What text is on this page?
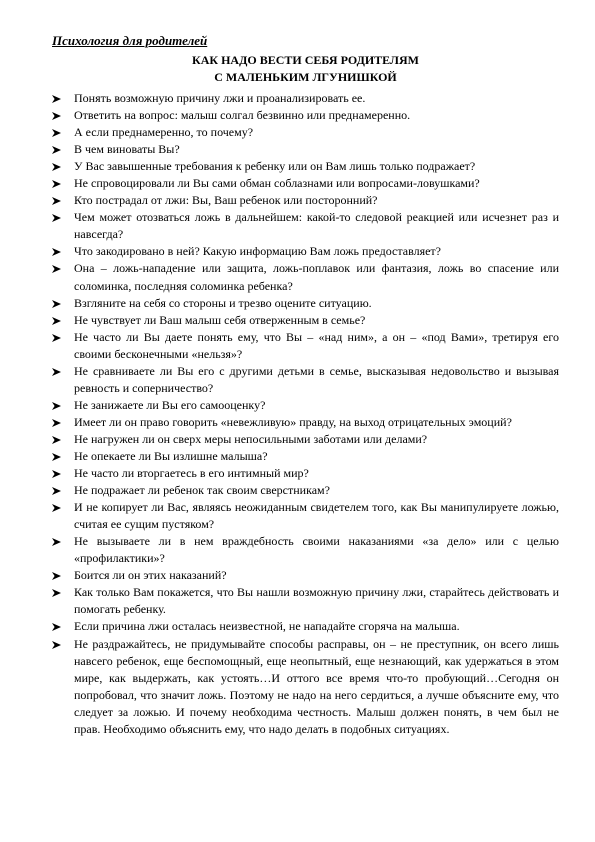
Психология для родителей
КАК НАДО ВЕСТИ СЕБЯ РОДИТЕЛЯМ
С МАЛЕНЬКИМ ЛГУНИШКОЙ
Понять возможную причину лжи и проанализировать ее.
Ответить на вопрос: малыш солгал безвинно или преднамеренно.
А если преднамеренно, то почему?
В чем виноваты Вы?
У Вас завышенные требования к ребенку или он Вам лишь только подражает?
Не спровоцировали ли Вы сами обман соблазнами или вопросами-ловушками?
Кто пострадал от лжи: Вы, Ваш ребенок или посторонний?
Чем может отозваться ложь в дальнейшем: какой-то следовой реакцией или исчезнет раз и навсегда?
Что закодировано в ней? Какую информацию Вам ложь предоставляет?
Она – ложь-нападение или защита, ложь-поплавок или фантазия, ложь во спасение или соломинка, последняя соломинка ребенка?
Взгляните на себя со стороны и трезво оцените ситуацию.
Не чувствует ли Ваш малыш себя отверженным в семье?
Не часто ли Вы даете понять ему, что Вы – «над ним», а он – «под Вами», третируя его своими бесконечными «нельзя»?
Не сравниваете ли Вы его с другими детьми в семье, высказывая недовольство и вызывая ревность и соперничество?
Не занижаете ли Вы его самооценку?
Имеет ли он право говорить «невежливую» правду, на выход отрицательных эмоций?
Не нагружен ли он сверх меры непосильными заботами или делами?
Не опекаете ли Вы излишне малыша?
Не часто ли вторгаетесь в его интимный мир?
Не подражает ли ребенок так своим сверстникам?
И не копирует ли Вас, являясь неожиданным свидетелем того, как Вы манипулируете ложью, считая ее сущим пустяком?
Не вызываете ли в нем враждебность своими наказаниями «за дело» или с целью «профилактики»?
Боится ли он этих наказаний?
Как только Вам покажется, что Вы нашли возможную причину лжи, старайтесь действовать и помогать ребенку.
Если причина лжи осталась неизвестной, не нападайте сгоряча на малыша.
Не раздражайтесь, не придумывайте способы расправы, он – не преступник, он всего лишь навсего ребенок, еще беспомощный, еще неопытный, еще незнающий, как удержаться в этом мире, как выдержать, как устоять…И оттого все время что-то пробующий…Сегодня он попробовал, что значит ложь. Поэтому не надо на него сердиться, а лучше объясните ему, что следует за ложью. И почему необходима честность. Малыш должен понять, в чем был не прав. Необходимо объяснить ему, что надо делать в подобных ситуациях.
